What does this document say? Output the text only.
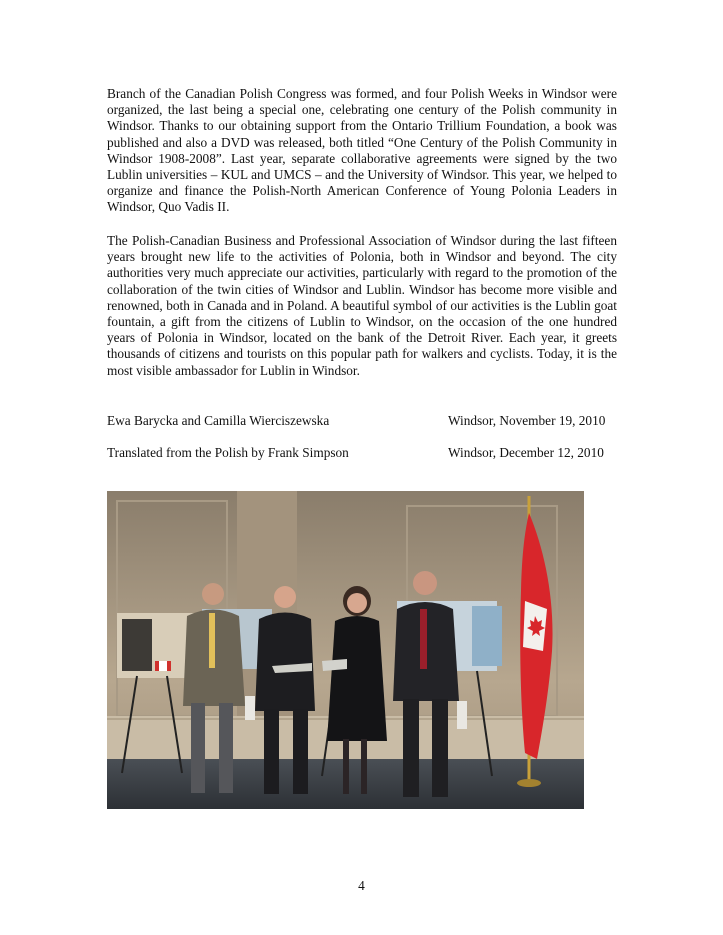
Branch of the Canadian Polish Congress was formed, and four Polish Weeks in Windsor were organized, the last being a special one, celebrating one century of the Polish community in Windsor. Thanks to our obtaining support from the Ontario Trillium Foundation, a book was published and also a DVD was released, both titled “One Century of the Polish Community in Windsor 1908-2008”. Last year, separate collaborative agreements were signed by the two Lublin universities – KUL and UMCS – and the University of Windsor. This year, we helped to organize and finance the Polish-North American Conference of Young Polonia Leaders in Windsor, Quo Vadis II.

The Polish-Canadian Business and Professional Association of Windsor during the last fifteen years brought new life to the activities of Polonia, both in Windsor and beyond. The city authorities very much appreciate our activities, particularly with regard to the promotion of the collaboration of the twin cities of Windsor and Lublin. Windsor has become more visible and renowned, both in Canada and in Poland. A beautiful symbol of our activities is the Lublin goat fountain, a gift from the citizens of Lublin to Windsor, on the occasion of the one hundred years of Polonia in Windsor, located on the bank of the Detroit River. Each year, it greets thousands of citizens and tourists on this popular path for walkers and cyclists. Today, it is the most visible ambassador for Lublin in Windsor.

Ewa Barycka and Camilla Wierciszewska	Windsor, November 19, 2010
Translated from the Polish by Frank Simpson	Windsor, December 12, 2010
4
